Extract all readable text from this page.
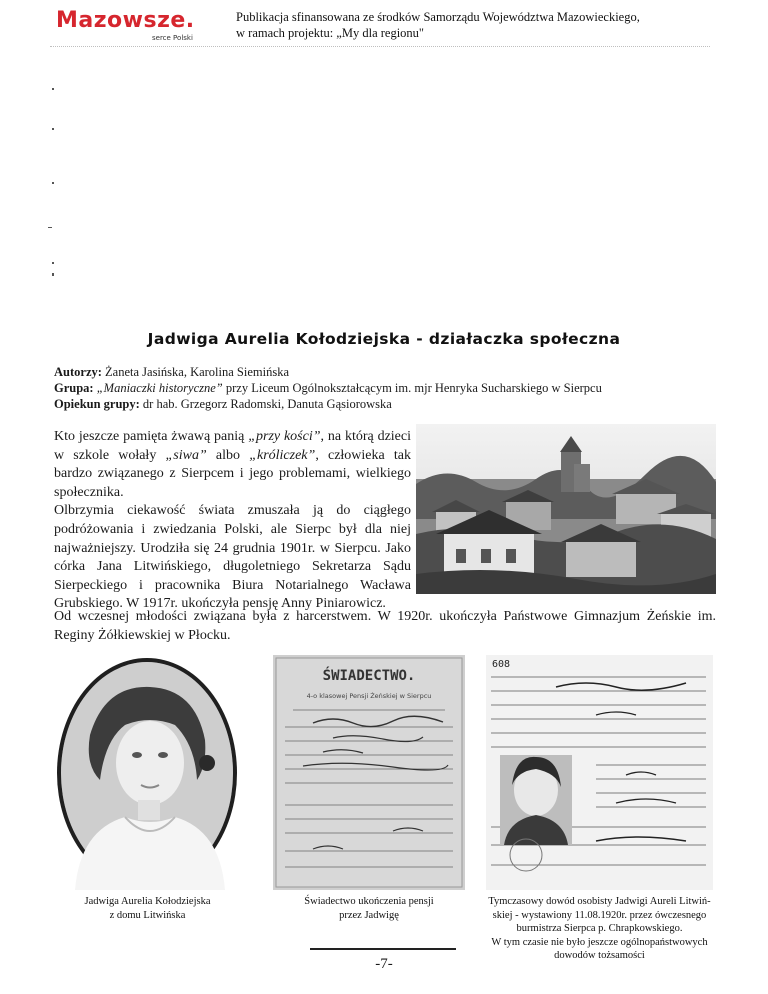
Mazowsze.
serce Polski
Publikacja sfinansowana ze środków Samorządu Województwa Mazowieckiego,
w ramach projektu: „My dla regionu"
Jadwiga Aurelia Kołodziejska - działaczka społeczna
Autorzy: Żaneta Jasińska, Karolina Siemińska
Grupa: „Maniaczki historyczne” przy Liceum Ogólnokształcącym im. mjr Henryka Sucharskiego w Sierpcu
Opiekun grupy: dr hab. Grzegorz Radomski, Danuta Gąsiorowska

Kto jeszcze pamięta żwawą panią „przy kości”, na którą dzieci w szkole wołały „siwa” albo „króliczek”, człowieka tak bardzo związanego z Sierpcem i jego problemami, wielkiego społecznika.

Olbrzymia ciekawość świata zmuszała ją do ciągłego podróżowania i zwiedzania Polski, ale Sierpc był dla niej najważniejszy. Urodziła się 24 grudnia 1901r. w Sierpcu. Jako córka Jana Litwińskiego, długoletniego Sekretarza Sądu Sierpeckiego i pracownika Biura Notarialnego Wacława Grubskiego. W 1917r. ukończyła pensję Anny Piniarowicz.

Od wczesnej młodości związana była z harcerstwem. W 1920r. ukończyła Państwowe Gimnazjum Żeńskie im. Reginy Żółkiewskiej w Płocku.
ŚWIADECTWO.
4-o klasowej Pensji Żeńskiej w Sierpcu
608
Jadwiga Aurelia Kołodziejska
z domu Litwińska
Świadectwo ukończenia pensji
przez Jadwigę
Tymczasowy dowód osobisty Jadwigi Aureli Litwiń-
skiej - wystawiony 11.08.1920r. przez ówczesnego
burmistrza Sierpca p. Chrapkowskiego.
W tym czasie nie było jeszcze ogólnopaństwowych
dowodów tożsamości
-7-
